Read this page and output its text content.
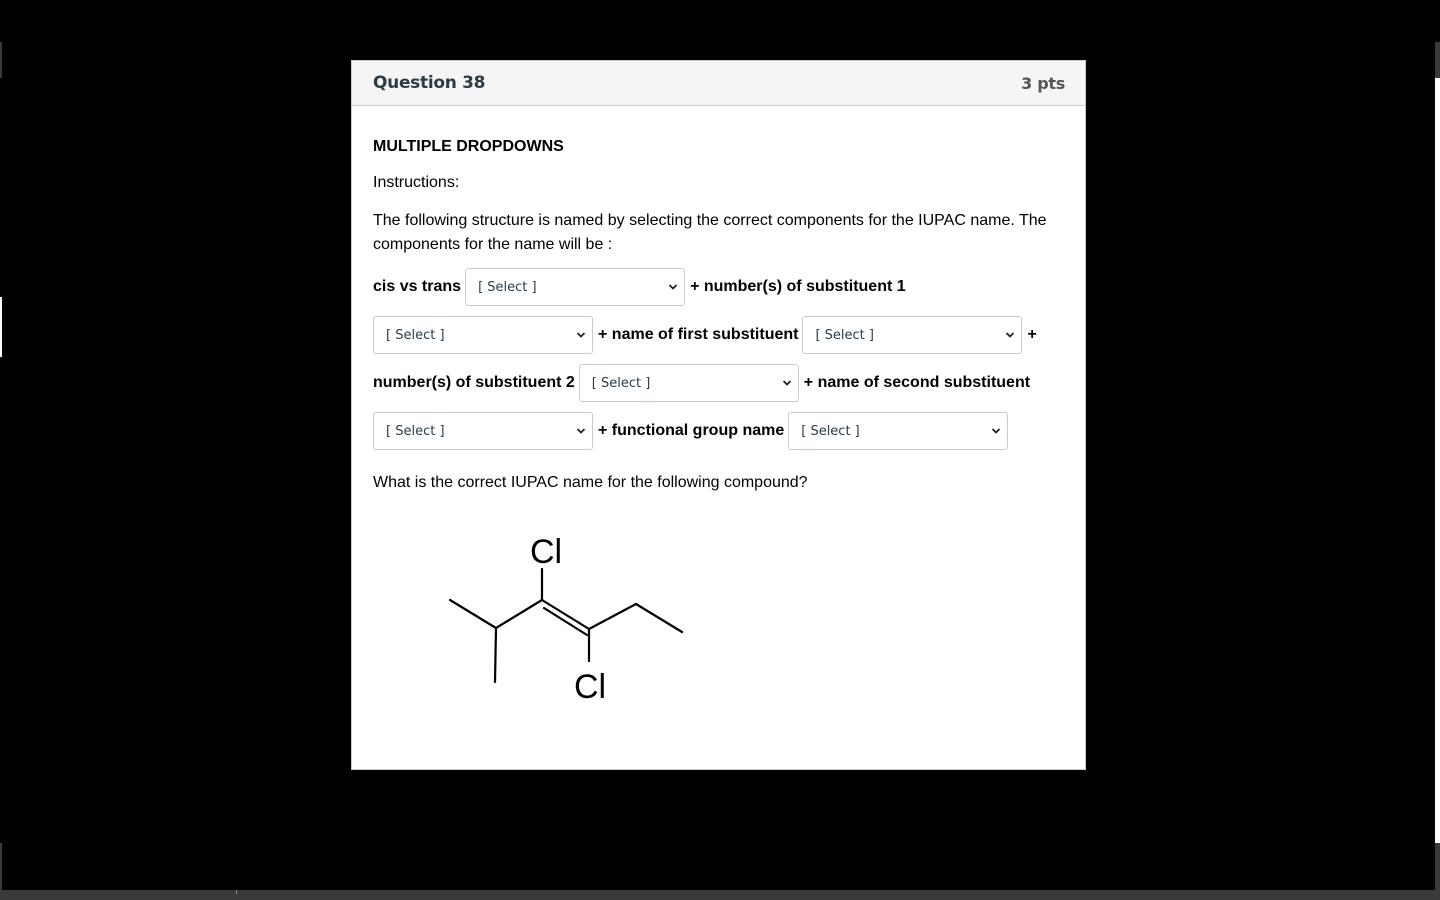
Question 38	3 pts
MULTIPLE DROPDOWNS
Instructions:
The following structure is named by selecting the correct components for the IUPAC name. The components for the name will be :
cis vs trans [ Select ]	+ number(s) of substituent 1
[ Select ]	+ name of first substituent [ Select ]	+
number(s) of substituent 2 [ Select ]	+ name of second substituent
[ Select ]	+ functional group name [ Select ]
What is the correct IUPAC name for the following compound?
Cl
Cl
